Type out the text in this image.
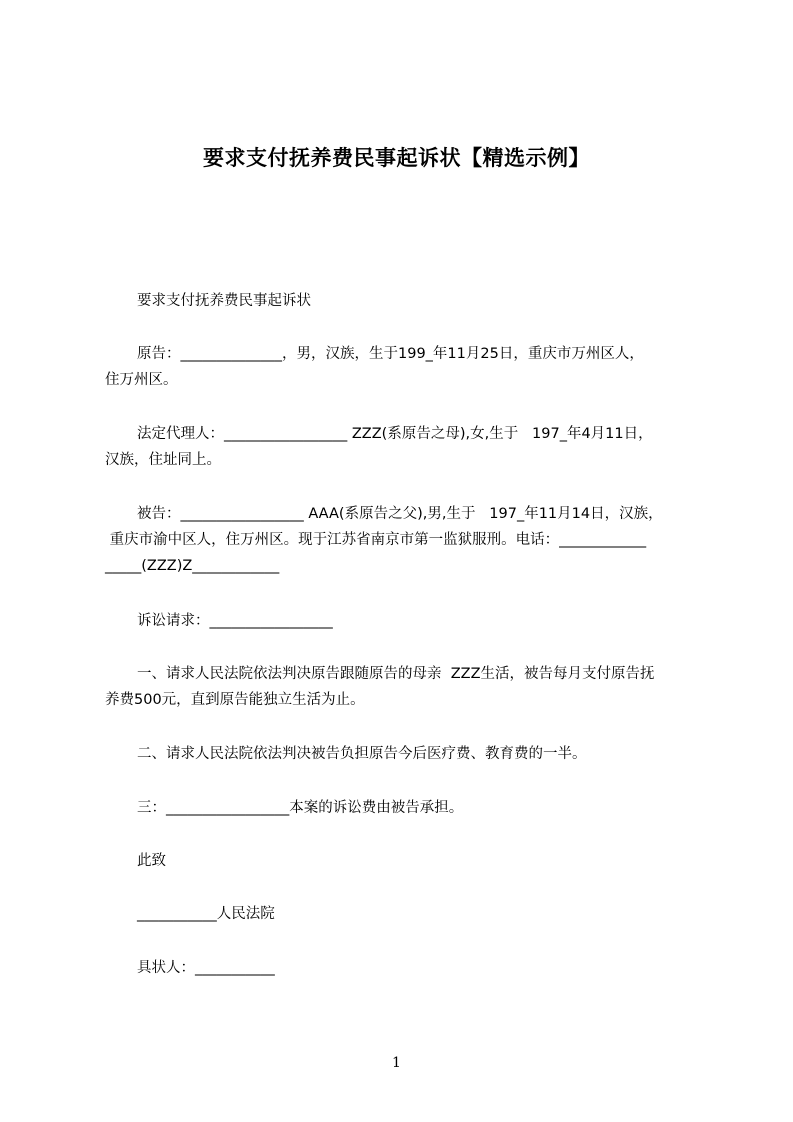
要求支付抚养费民事起诉状【精选示例】
要求支付抚养费民事起诉状
原告：______________，男，汉族，生于199_年11月25日，重庆市万州区人，
住万州区。
法定代理人：_________________ ZZZ(系原告之母),女,生于   197_年4月11日，
汉族，住址同上。
被告：_________________ AAA(系原告之父),男,生于   197_年11月14日，汉族，
重庆市渝中区人，住万州区。现于江苏省南京市第一监狱服刑。电话：____________
_____(ZZZ)Z____________
诉讼请求：_________________
一、请求人民法院依法判决原告跟随原告的母亲  ZZZ生活，被告每月支付原告抚
养费500元，直到原告能独立生活为止。
二、请求人民法院依法判决被告负担原告今后医疗费、教育费的一半。
三：_________________本案的诉讼费由被告承担。
此致
___________人民法院
具状人：___________
1
